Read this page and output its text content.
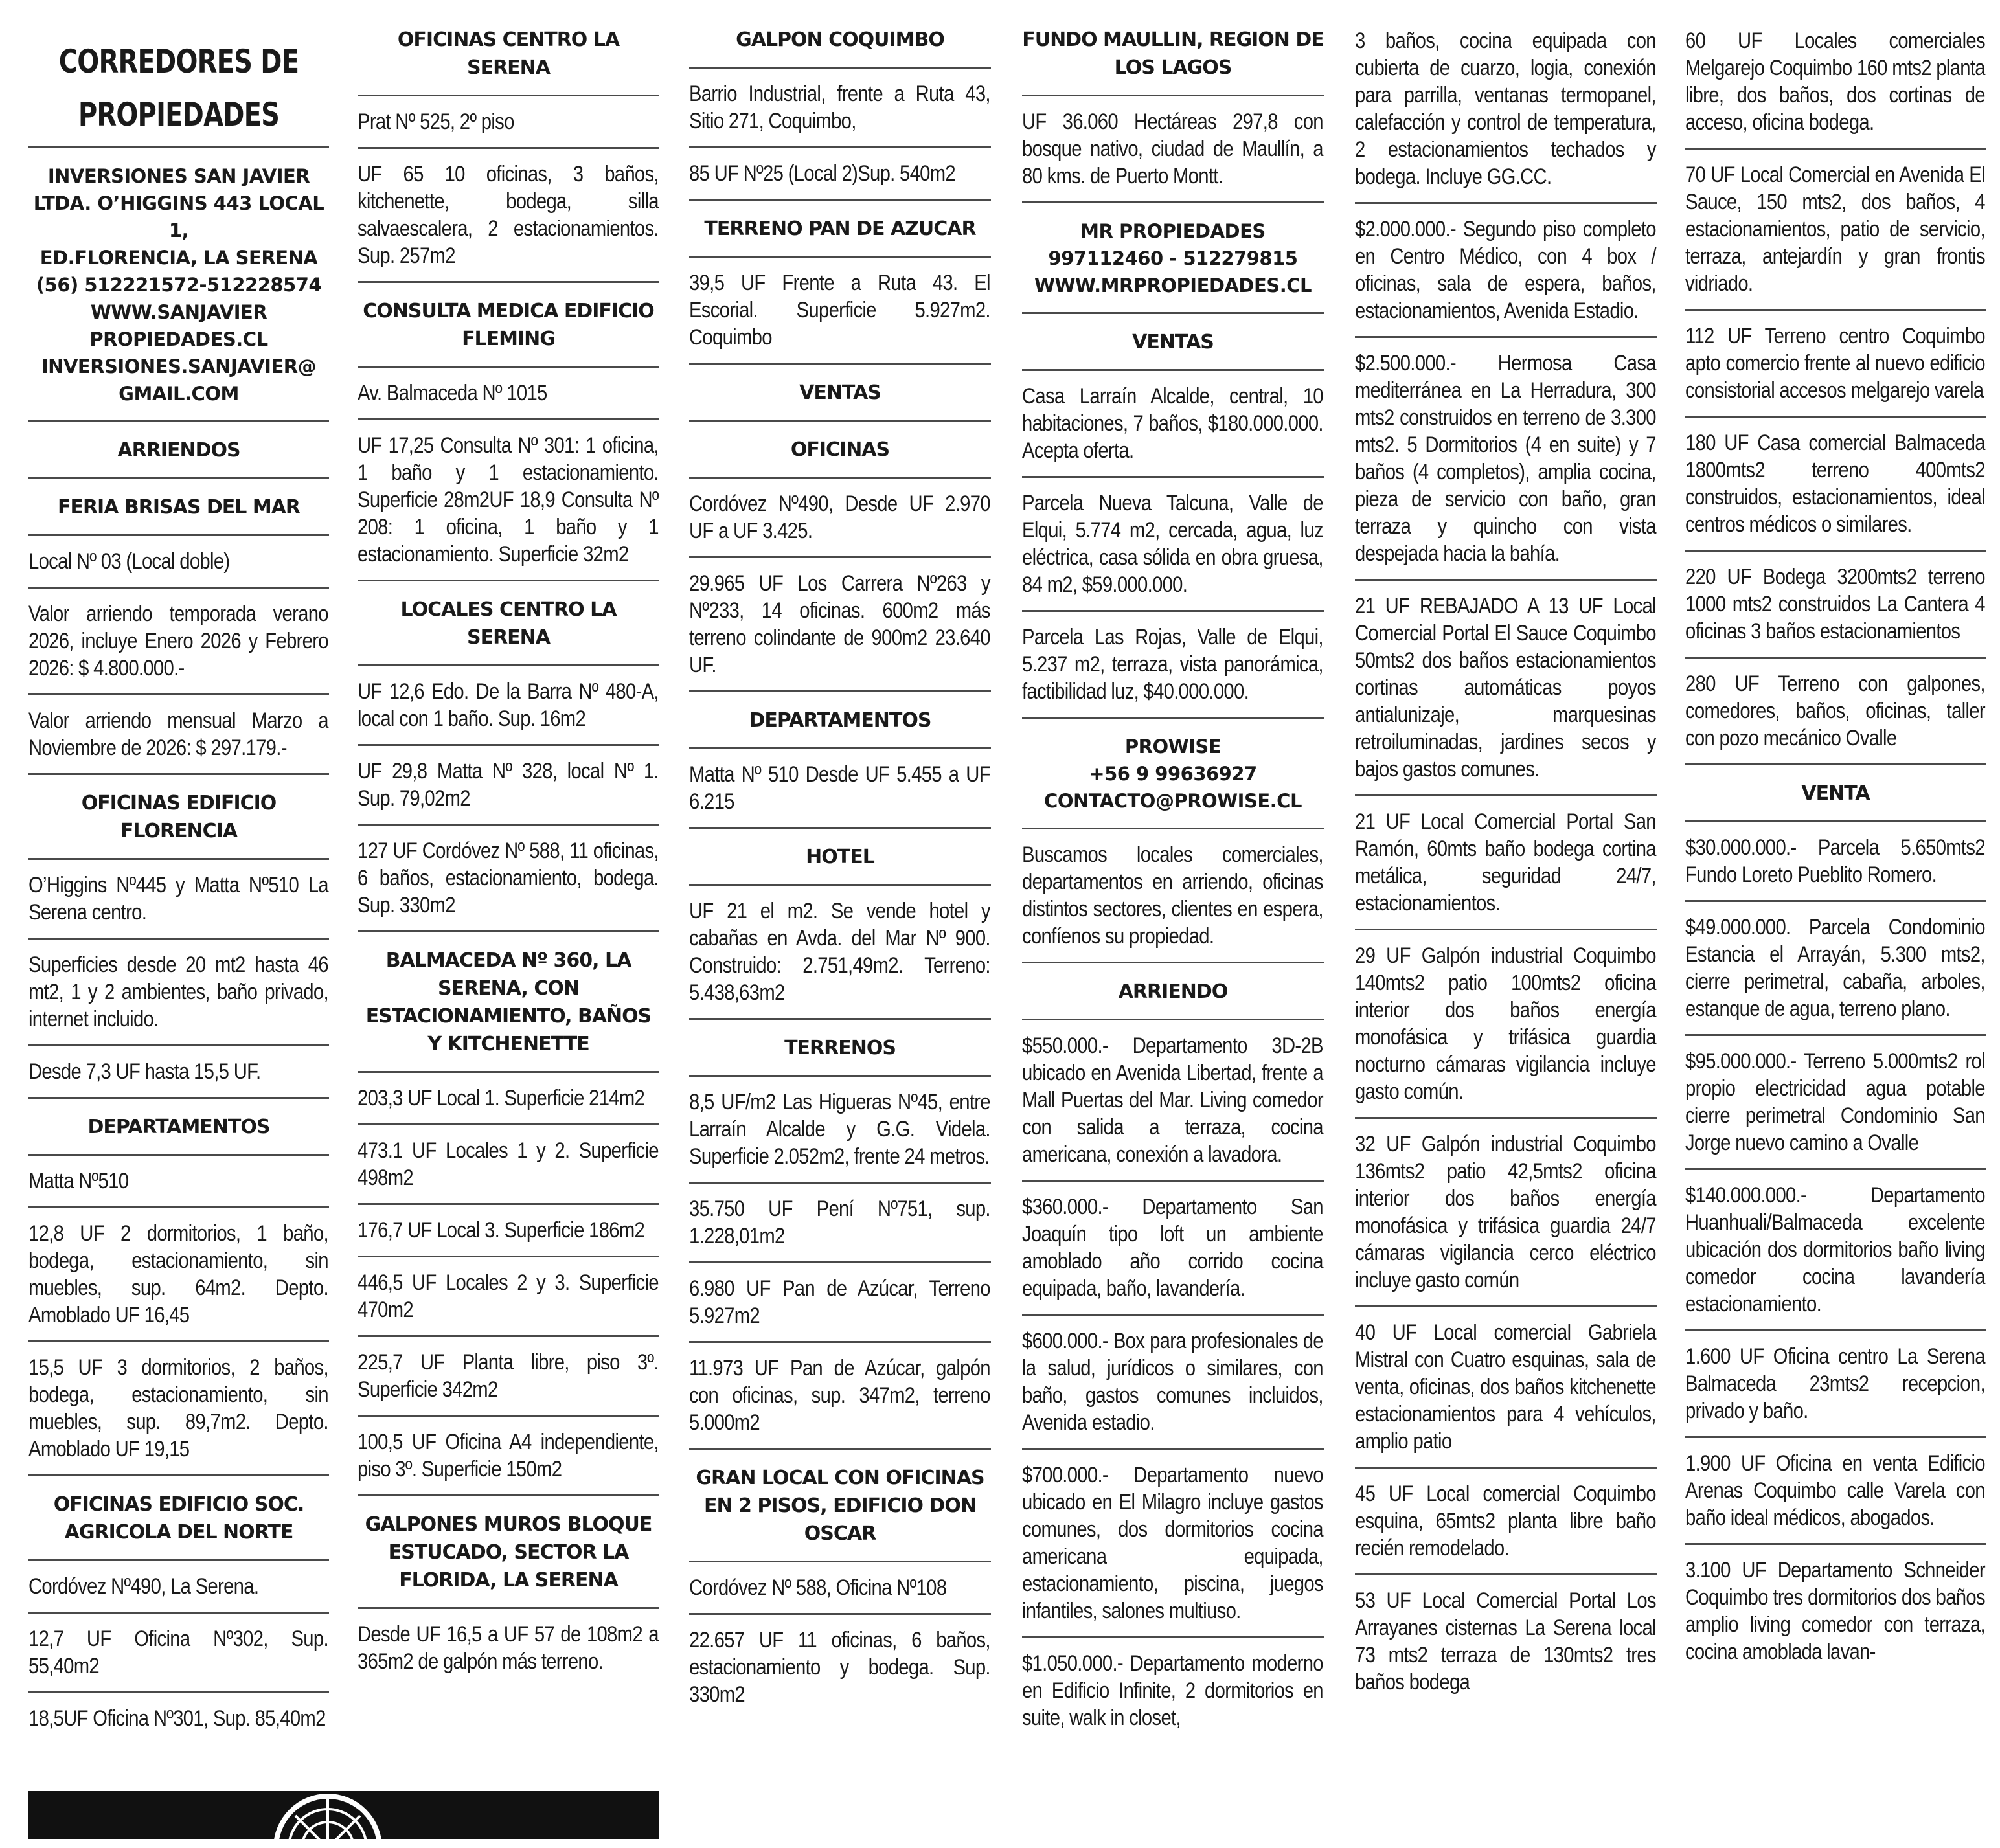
CORREDORES DE
PROPIEDADES
INVERSIONES SAN JAVIER
LTDA. O’HIGGINS 443 LOCAL 1,
ED.FLORENCIA, LA SERENA
(56) 512221572-512228574
WWW.SANJAVIER
PROPIEDADES.CL
INVERSIONES.SANJAVIER@
GMAIL.COM
ARRIENDOS
FERIA BRISAS DEL MAR
Local Nº 03 (Local doble)
Valor arriendo temporada verano 2026, incluye Enero 2026 y Febrero 2026: $ 4.800.000.-
Valor arriendo mensual Marzo a Noviembre de 2026: $ 297.179.-
OFICINAS EDIFICIO FLORENCIA
O’Higgins Nº445 y Matta Nº510 La Serena centro.
Superficies desde 20 mt2 hasta 46 mt2, 1 y 2 ambientes, baño privado, internet incluido.
Desde 7,3 UF hasta 15,5 UF.
DEPARTAMENTOS
Matta Nº510
12,8 UF 2 dormitorios, 1 baño, bodega, estacionamiento, sin muebles, sup. 64m2. Depto. Amoblado UF 16,45
15,5 UF 3 dormitorios, 2 baños, bodega, estacionamiento, sin muebles, sup. 89,7m2. Depto. Amoblado UF 19,15
OFICINAS EDIFICIO SOC. AGRICOLA DEL NORTE
Cordóvez Nº490, La Serena.
12,7 UF Oficina Nº302, Sup. 55,40m2
18,5UF Oficina Nº301, Sup. 85,40m2
OFICINAS CENTRO LA SERENA
Prat Nº 525, 2º piso
UF 65 10 oficinas, 3 baños, kitchenette, bodega, silla salvaescalera, 2 estacionamientos. Sup. 257m2
CONSULTA MEDICA EDIFICIO FLEMING
Av. Balmaceda Nº 1015
UF 17,25 Consulta Nº 301: 1 oficina, 1 baño y 1 estacionamiento. Superficie 28m2UF 18,9 Consulta Nº 208: 1 oficina, 1 baño y 1 estacionamiento. Superficie 32m2
LOCALES CENTRO LA SERENA
UF 12,6 Edo. De la Barra Nº 480-A, local con 1 baño. Sup. 16m2
UF 29,8 Matta Nº 328, local Nº 1. Sup. 79,02m2
127 UF Cordóvez Nº 588, 11 oficinas, 6 baños, estacionamiento, bodega. Sup. 330m2
BALMACEDA Nº 360, LA SERENA, CON ESTACIONAMIENTO, BAÑOS Y KITCHENETTE
203,3 UF Local 1. Superficie 214m2
473.1 UF Locales 1 y 2. Superficie 498m2
176,7 UF Local 3. Superficie 186m2
446,5 UF Locales 2 y 3. Superficie 470m2
225,7 UF Planta libre, piso 3º. Superficie 342m2
100,5 UF Oficina A4 independiente, piso 3º. Superficie 150m2
GALPONES MUROS BLOQUE ESTUCADO, SECTOR LA FLORIDA, LA SERENA
Desde UF 16,5 a UF 57 de 108m2 a 365m2 de galpón más terreno.
GALPON COQUIMBO
Barrio Industrial, frente a Ruta 43, Sitio 271, Coquimbo,
85 UF Nº25 (Local 2)Sup. 540m2
TERRENO PAN DE AZUCAR
39,5 UF Frente a Ruta 43. El Escorial. Superficie 5.927m2. Coquimbo
VENTAS
OFICINAS
Cordóvez Nº490, Desde UF 2.970 UF a UF 3.425.
29.965 UF Los Carrera Nº263 y Nº233, 14 oficinas. 600m2 más terreno colindante de 900m2 23.640 UF.
DEPARTAMENTOS
Matta Nº 510 Desde UF 5.455 a UF 6.215
HOTEL
UF 21 el m2. Se vende hotel y cabañas en Avda. del Mar Nº 900. Construido: 2.751,49m2. Terreno: 5.438,63m2
TERRENOS
8,5 UF/m2 Las Higueras Nº45, entre Larraín Alcalde y G.G. Videla. Superficie 2.052m2, frente 24 metros.
35.750 UF Pení Nº751, sup. 1.228,01m2
6.980 UF Pan de Azúcar, Terreno 5.927m2
11.973 UF Pan de Azúcar, galpón con oficinas, sup. 347m2, terreno 5.000m2
GRAN LOCAL CON OFICINAS EN 2 PISOS, EDIFICIO DON OSCAR
Cordóvez Nº 588, Oficina Nº108
22.657 UF 11 oficinas, 6 baños, estacionamiento y bodega. Sup. 330m2
FUNDO MAULLIN, REGION DE LOS LAGOS
UF 36.060 Hectáreas 297,8 con bosque nativo, ciudad de Maullín, a 80 kms. de Puerto Montt.
MR PROPIEDADES
997112460 - 512279815
WWW.MRPROPIEDADES.CL
VENTAS
Casa Larraín Alcalde, central, 10 habitaciones, 7 baños, $180.000.000. Acepta oferta.
Parcela Nueva Talcuna, Valle de Elqui, 5.774 m2, cercada, agua, luz eléctrica, casa sólida en obra gruesa, 84 m2, $59.000.000.
Parcela Las Rojas, Valle de Elqui, 5.237 m2, terraza, vista panorámica, factibilidad luz, $40.000.000.
PROWISE
+56 9 99636927
CONTACTO@PROWISE.CL
Buscamos locales comerciales, departamentos en arriendo, oficinas distintos sectores, clientes en espera, confíenos su propiedad.
ARRIENDO
$550.000.- Departamento 3D-2B ubicado en Avenida Libertad, frente a Mall Puertas del Mar. Living comedor con salida a terraza, cocina americana, conexión a lavadora.
$360.000.- Departamento San Joaquín tipo loft un ambiente amoblado año corrido cocina equipada, baño, lavandería.
$600.000.- Box para profesionales de la salud, jurídicos o similares, con baño, gastos comunes incluidos, Avenida estadio.
$700.000.- Departamento nuevo ubicado en El Milagro incluye gastos comunes, dos dormitorios cocina americana equipada, estacionamiento, piscina, juegos infantiles, salones multiuso.
$1.050.000.- Departamento moderno en Edificio Infinite, 2 dormitorios en suite, walk in closet,
3 baños, cocina equipada con cubierta de cuarzo, logia, conexión para parrilla, ventanas termopanel, calefacción y control de temperatura, 2 estacionamientos techados y bodega. Incluye GG.CC.
$2.000.000.- Segundo piso completo en Centro Médico, con 4 box / oficinas, sala de espera, baños, estacionamientos, Avenida Estadio.
$2.500.000.- Hermosa Casa mediterránea en La Herradura, 300 mts2 construidos en terreno de 3.300 mts2. 5 Dormitorios (4 en suite) y 7 baños (4 completos), amplia cocina, pieza de servicio con baño, gran terraza y quincho con vista despejada hacia la bahía.
21 UF REBAJADO A 13 UF Local Comercial Portal El Sauce Coquimbo 50mts2 dos baños estacionamientos cortinas automáticas poyos antialunizaje, marquesinas retroiluminadas, jardines secos y bajos gastos comunes.
21 UF Local Comercial Portal San Ramón, 60mts baño bodega cortina metálica, seguridad 24/7, estacionamientos.
29 UF Galpón industrial Coquimbo 140mts2 patio 100mts2 oficina interior dos baños energía monofásica y trifásica guardia nocturno cámaras vigilancia incluye gasto común.
32 UF Galpón industrial Coquimbo 136mts2 patio 42,5mts2 oficina interior dos baños energía monofásica y trifásica guardia 24/7 cámaras vigilancia cerco eléctrico incluye gasto común
40 UF Local comercial Gabriela Mistral con Cuatro esquinas, sala de venta, oficinas, dos baños kitchenette estacionamientos para 4 vehículos, amplio patio
45 UF Local comercial Coquimbo esquina, 65mts2 planta libre baño recién remodelado.
53 UF Local Comercial Portal Los Arrayanes cisternas La Serena local 73 mts2 terraza de 130mts2 tres baños bodega
60 UF Locales comerciales Melgarejo Coquimbo 160 mts2 planta libre, dos baños, dos cortinas de acceso, oficina bodega.
70 UF Local Comercial en Avenida El Sauce, 150 mts2, dos baños, 4 estacionamientos, patio de servicio, terraza, antejardín y gran frontis vidriado.
112 UF Terreno centro Coquimbo apto comercio frente al nuevo edificio consistorial accesos melgarejo varela
180 UF Casa comercial Balmaceda 1800mts2 terreno 400mts2 construidos, estacionamientos, ideal centros médicos o similares.
220 UF Bodega 3200mts2 terreno 1000 mts2 construidos La Cantera 4 oficinas 3 baños estacionamientos
280 UF Terreno con galpones, comedores, baños, oficinas, taller con pozo mecánico Ovalle
VENTA
$30.000.000.- Parcela 5.650mts2 Fundo Loreto Pueblito Romero.
$49.000.000. Parcela Condominio Estancia el Arrayán, 5.300 mts2, cierre perimetral, cabaña, arboles, estanque de agua, terreno plano.
$95.000.000.- Terreno 5.000mts2 rol propio electricidad agua potable cierre perimetral Condominio San Jorge nuevo camino a Ovalle
$140.000.000.- Departamento Huanhuali/Balmaceda excelente ubicación dos dormitorios baño living comedor cocina lavandería estacionamiento.
1.600 UF Oficina centro La Serena Balmaceda 23mts2 recepcion, privado y baño.
1.900 UF Oficina en venta Edificio Arenas Coquimbo calle Varela con baño ideal médicos, abogados.
3.100 UF Departamento Schneider Coquimbo tres dormitorios dos baños amplio living comedor con terraza, cocina amoblada lavan-
